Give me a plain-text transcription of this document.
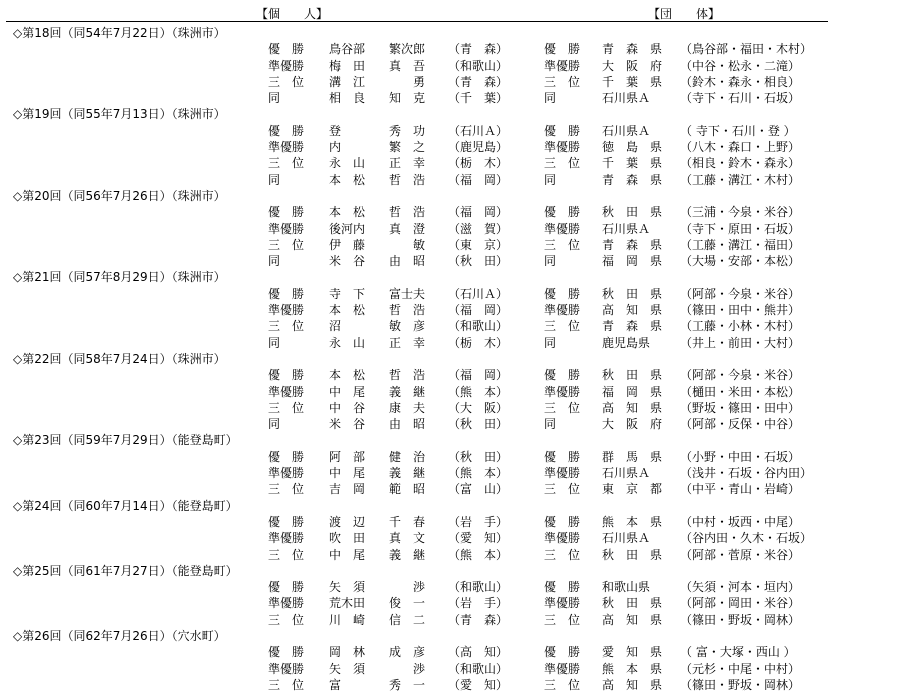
【個　　人】	【団　　体】
◇第18回（同54年7月22日）（珠洲市）
優　勝 鳥谷部　　繁次郎 （青　森）	優　勝 青　森　県 （鳥谷部・福田・木村）
準優勝 梅　田　　真　吾 （和歌山）	準優勝 大　阪　府 （中谷・松永・二滝）
三　位 溝　江　　　　勇 （青　森）	三　位 千　葉　県 （鈴木・森永・相良）
同	相　良　　知　克 （千　葉）	同	石川県Ａ （寺下・石川・石坂）
◇第19回（同55年7月13日）（珠洲市）
優　勝 登　　　　秀　功 （石川Ａ）	優　勝 石川県Ａ （ 寺下・石川・登 ）
準優勝 内　　　　繁　之 （鹿児島）	準優勝 徳　島　県 （八木・森口・上野）
三　位 永　山　　正　幸 （栃　木）	三　位 千　葉　県 （相良・鈴木・森永）
同	本　松　　哲　浩 （福　岡）	同	青　森　県 （工藤・溝江・木村）
◇第20回（同56年7月26日）（珠洲市）
優　勝 本　松　　哲　浩 （福　岡）	優　勝 秋　田　県 （三浦・今泉・米谷）
準優勝 後河内　　真　澄 （滋　賀）	準優勝 石川県Ａ （寺下・原田・石坂）
三　位 伊　藤　　　　敏 （東　京）	三　位 青　森　県 （工藤・溝江・福田）
同	米　谷　　由　昭 （秋　田）	同	福　岡　県 （大場・安部・本松）
◇第21回（同57年8月29日）（珠洲市）
優　勝 寺　下　　富士夫 （石川Ａ）	優　勝 秋　田　県 （阿部・今泉・米谷）
準優勝 本　松　　哲　浩 （福　岡）	準優勝 高　知　県 （篠田・田中・熊井）
三　位 沼　　　　敏　彦 （和歌山）	三　位 青　森　県 （工藤・小林・木村）
同	永　山　　正　幸 （栃　木）	同	鹿児島県 （井上・前田・大村）
◇第22回（同58年7月24日）（珠洲市）
優　勝 本　松　　哲　浩 （福　岡）	優　勝 秋　田　県 （阿部・今泉・米谷）
準優勝 中　尾　　義　継 （熊　本）	準優勝 福　岡　県 （樋田・米田・本松）
三　位 中　谷　　康　夫 （大　阪）	三　位 高　知　県 （野坂・篠田・田中）
同	米　谷　　由　昭 （秋　田）	同	大　阪　府 （阿部・反保・中谷）
◇第23回（同59年7月29日）（能登島町）
優　勝 阿　部　　健　治 （秋　田）	優　勝 群　馬　県 （小野・中田・石坂）
準優勝 中　尾　　義　継 （熊　本）	準優勝 石川県Ａ （浅井・石坂・谷内田）
三　位 吉　岡　　範　昭 （富　山）	三　位 東　京　都 （中平・青山・岩崎）
◇第24回（同60年7月14日）（能登島町）
優　勝 渡　辺　　千　春 （岩　手）	優　勝 熊　本　県 （中村・坂西・中尾）
準優勝 吹　田　　真　文 （愛　知）	準優勝 石川県Ａ （谷内田・久木・石坂）
三　位 中　尾　　義　継 （熊　本）	三　位 秋　田　県 （阿部・菅原・米谷）
◇第25回（同61年7月27日）（能登島町）
優　勝 矢　須　　　　渉 （和歌山）	優　勝 和歌山県 （矢須・河本・垣内）
準優勝 荒木田　　俊　一 （岩　手）	準優勝 秋　田　県 （阿部・岡田・米谷）
三　位 川　崎　　信　二 （青　森）	三　位 高　知　県 （篠田・野坂・岡林）
◇第26回（同62年7月26日）（穴水町）
優　勝 岡　林　　成　彦 （高　知）	優　勝 愛　知　県 （ 富・大塚・西山 ）
準優勝 矢　須　　　　渉 （和歌山）	準優勝 熊　本　県 （元杉・中尾・中村）
三　位 富　　　　秀　一 （愛　知）	三　位 高　知　県 （篠田・野坂・岡林）
